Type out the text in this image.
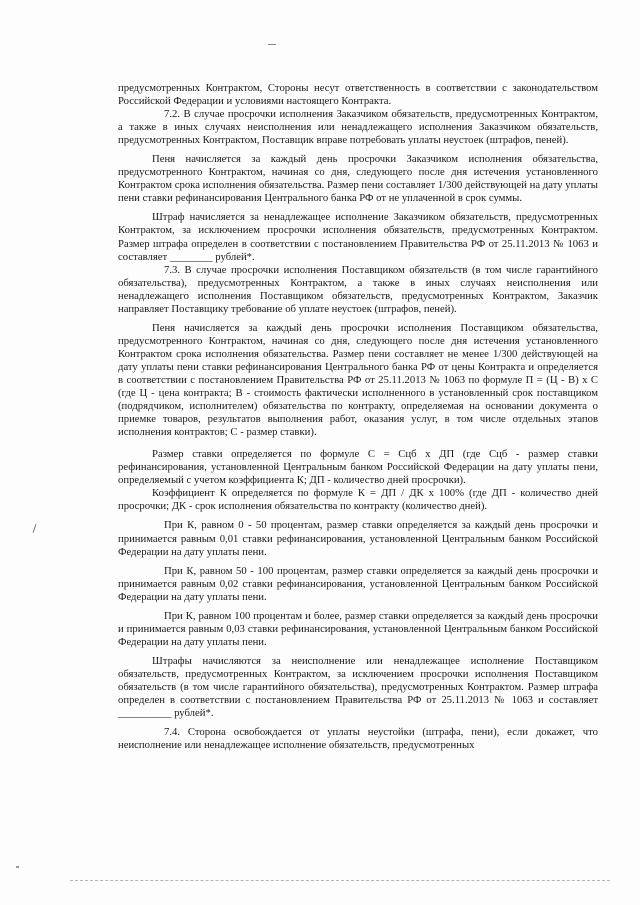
предусмотренных Контрактом, Стороны несут ответственность в соответствии с законодательством Российской Федерации и условиями настоящего Контракта.

7.2. В случае просрочки исполнения Заказчиком обязательств, предусмотренных Контрактом, а также в иных случаях неисполнения или ненадлежащего исполнения Заказчиком обязательств, предусмотренных Контрактом, Поставщик вправе потребовать уплаты неустоек (штрафов, пеней).

Пеня начисляется за каждый день просрочки Заказчиком исполнения обязательства, предусмотренного Контрактом, начиная со дня, следующего после дня истечения установленного Контрактом срока исполнения обязательства. Размер пени составляет 1/300 действующей на дату уплаты пени ставки рефинансирования Центрального банка РФ от не уплаченной в срок суммы.

Штраф начисляется за ненадлежащее исполнение Заказчиком обязательств, предусмотренных Контрактом, за исключением просрочки исполнения обязательств, предусмотренных Контрактом. Размер штрафа определен в соответствии с постановлением Правительства РФ от 25.11.2013 № 1063 и составляет ________ рублей*.

7.3. В случае просрочки исполнения Поставщиком обязательств (в том числе гарантийного обязательства), предусмотренных Контрактом, а также в иных случаях неисполнения или ненадлежащего исполнения Поставщиком обязательств, предусмотренных Контрактом, Заказчик направляет Поставщику требование об уплате неустоек (штрафов, пеней).

Пеня начисляется за каждый день просрочки исполнения Поставщиком обязательства, предусмотренного Контрактом, начиная со дня, следующего после дня истечения установленного Контрактом срока исполнения обязательства. Размер пени составляет не менее 1/300 действующей на дату уплаты пени ставки рефинансирования Центрального банка РФ от цены Контракта и определяется в соответствии с постановлением Правительства РФ от 25.11.2013 № 1063 по формуле П = (Ц - В) х С (где Ц - цена контракта; В - стоимость фактически исполненного в установленный срок поставщиком (подрядчиком, исполнителем) обязательства по контракту, определяемая на основании документа о приемке товаров, результатов выполнения работ, оказания услуг, в том числе отдельных этапов исполнения контрактов; С - размер ставки).

Размер ставки определяется по формуле С = Сцб х ДП (где Сцб - размер ставки рефинансирования, установленной Центральным банком Российской Федерации на дату уплаты пени, определяемый с учетом коэффициента К; ДП - количество дней просрочки).

Коэффициент К определяется по формуле К = ДП / ДК х 100% (где ДП - количество дней просрочки; ДК - срок исполнения обязательства по контракту (количество дней).

При К, равном 0 - 50 процентам, размер ставки определяется за каждый день просрочки и принимается равным 0,01 ставки рефинансирования, установленной Центральным банком Российской Федерации на дату уплаты пени.

При К, равном 50 - 100 процентам, размер ставки определяется за каждый день просрочки и принимается равным 0,02 ставки рефинансирования, установленной Центральным банком Российской Федерации на дату уплаты пени.

При К, равном 100 процентам и более, размер ставки определяется за каждый день просрочки и принимается равным 0,03 ставки рефинансирования, установленной Центральным банком Российской Федерации на дату уплаты пени.

Штрафы начисляются за неисполнение или ненадлежащее исполнение Поставщиком обязательств, предусмотренных Контрактом, за исключением просрочки исполнения Поставщиком обязательств (в том числе гарантийного обязательства), предусмотренных Контрактом. Размер штрафа определен в соответствии с постановлением Правительства РФ от 25.11.2013 № 1063 и составляет __________ рублей*.

7.4. Сторона освобождается от уплаты неустойки (штрафа, пени), если докажет, что неисполнение или ненадлежащее исполнение обязательств, предусмотренных
